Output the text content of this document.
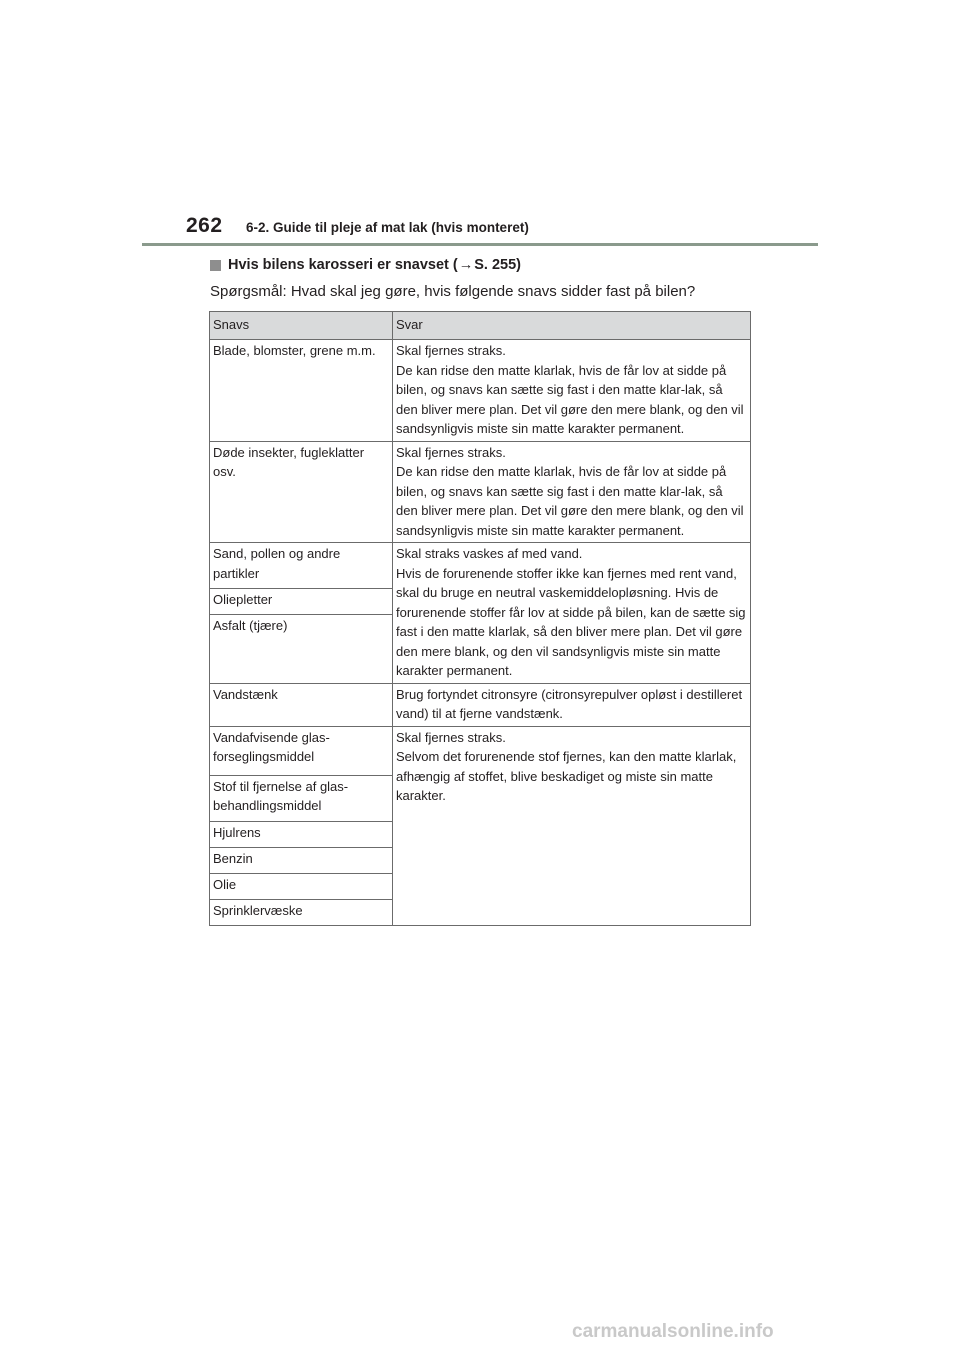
262 6-2. Guide til pleje af mat lak (hvis monteret)
Hvis bilens karosseri er snavset ( → S. 255)
Spørgsmål: Hvad skal jeg gøre, hvis følgende snavs sidder fast på bilen?
Snavs	Svar
Blade, blomster, grene m.m.	Skal fjernes straks.
De kan ridse den matte klarlak, hvis de får lov at sidde på bilen, og snavs kan sætte sig fast i den matte klar-lak, så den bliver mere plan. Det vil gøre den mere blank, og den vil sandsynligvis miste sin matte karakter permanent.

Døde insekter, fugleklatter osv.	Skal fjernes straks.
De kan ridse den matte klarlak, hvis de får lov at sidde på bilen, og snavs kan sætte sig fast i den matte klar-lak, så den bliver mere plan. Det vil gøre den mere blank, og den vil sandsynligvis miste sin matte karakter permanent.

Sand, pollen og andre partikler	Skal straks vaskes af med vand.
Hvis de forurenende stoffer ikke kan fjernes med rent vand, skal du bruge en neutral vaskemiddelopløsning. Hvis de forurenende stoffer får lov at sidde på bilen, kan de sætte sig fast i den matte klarlak, så den bliver mere plan. Det vil gøre den mere blank, og den vil sandsynligvis miste sin matte karakter permanent.

Oliepletter	
Asfalt (tjære)	
Vandstænk	Brug fortyndet citronsyre (citronsyrepulver opløst i destilleret vand) til at fjerne vandstænk.
Vandafvisende glas-forseglingsmiddel	Skal fjernes straks.
Selvom det forurenende stof fjernes, kan den matte klarlak, afhængig af stoffet, blive beskadiget og miste sin matte karakter.

Stof til fjernelse af glas-behandlingsmiddel	
Hjulrens	
Benzin	
Olie	
Sprinklervæske	
carmanualsonline.info
